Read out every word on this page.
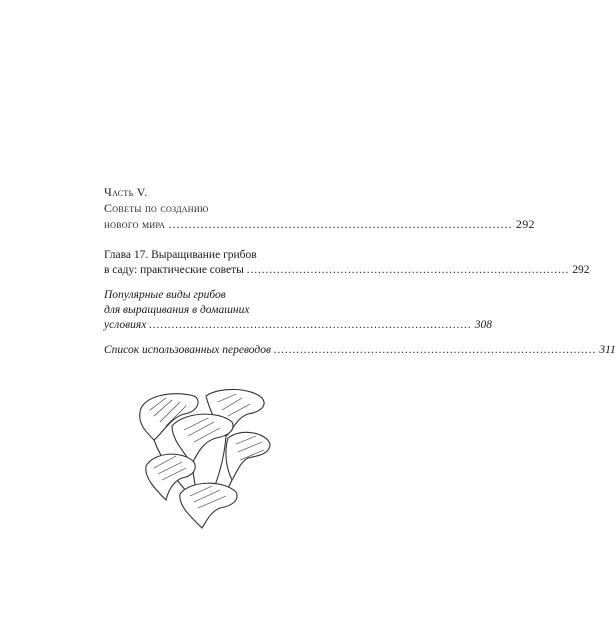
Часть V.
Советы по созданию
нового мира . . .	292
Глава 17. Выращивание грибов
в саду: практические советы . . .	292
Популярные виды грибов
для выращивания в домашних
условиях . . .	308
Список использованных переводов . . .	311
